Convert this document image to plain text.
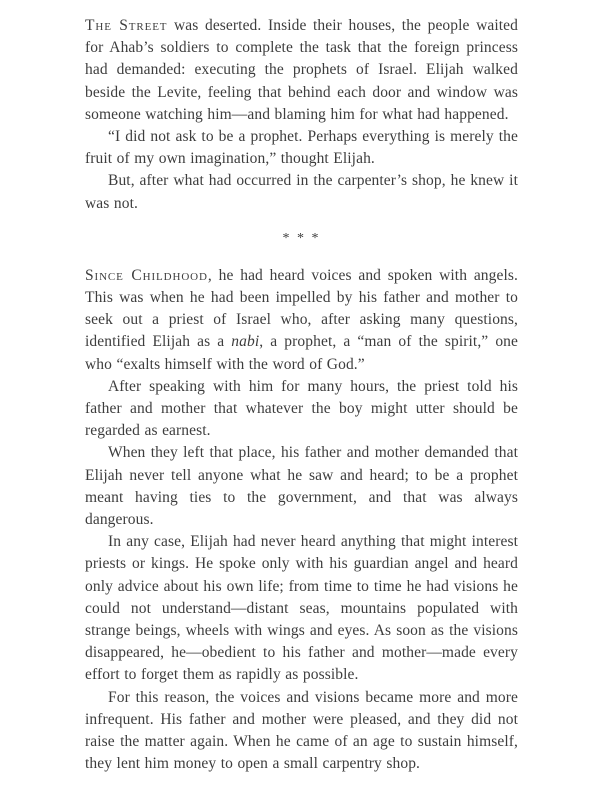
The Street was deserted. Inside their houses, the people waited for Ahab’s soldiers to complete the task that the foreign princess had demanded: executing the prophets of Israel. Elijah walked beside the Levite, feeling that behind each door and window was someone watching him—and blaming him for what had happened.

“I did not ask to be a prophet. Perhaps everything is merely the fruit of my own imagination,” thought Elijah.

But, after what had occurred in the carpenter’s shop, he knew it was not.

* * *

Since Childhood, he had heard voices and spoken with angels. This was when he had been impelled by his father and mother to seek out a priest of Israel who, after asking many questions, identified Elijah as a nabi, a prophet, a “man of the spirit,” one who “exalts himself with the word of God.”

After speaking with him for many hours, the priest told his father and mother that whatever the boy might utter should be regarded as earnest.

When they left that place, his father and mother demanded that Elijah never tell anyone what he saw and heard; to be a prophet meant having ties to the government, and that was always dangerous.

In any case, Elijah had never heard anything that might interest priests or kings. He spoke only with his guardian angel and heard only advice about his own life; from time to time he had visions he could not understand—distant seas, mountains populated with strange beings, wheels with wings and eyes. As soon as the visions disappeared, he—obedient to his father and mother—made every effort to forget them as rapidly as possible.

For this reason, the voices and visions became more and more infrequent. His father and mother were pleased, and they did not raise the matter again. When he came of an age to sustain himself, they lent him money to open a small carpentry shop.
